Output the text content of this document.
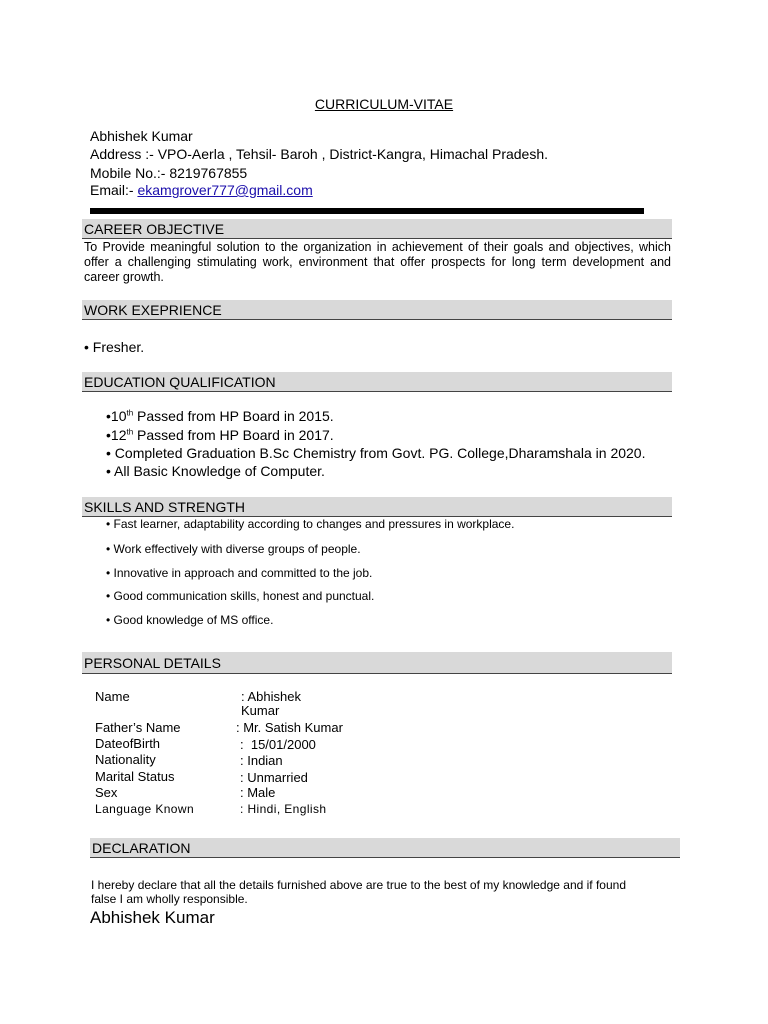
CURRICULUM-VITAE
Abhishek Kumar
Address :- VPO-Aerla , Tehsil- Baroh , District-Kangra, Himachal Pradesh.
Mobile No.:- 8219767855
Email:- ekamgrover777@gmail.com
CAREER OBJECTIVE
To Provide meaningful solution to the organization in achievement of their goals and objectives, which offer a challenging stimulating work, environment that offer prospects for long term development and career growth.
WORK EXEPRIENCE
• Fresher.
EDUCATION QUALIFICATION
•10th Passed from HP Board in 2015.
•12th Passed from HP Board in 2017.
• Completed Graduation B.Sc Chemistry from Govt. PG. College,Dharamshala in 2020.
• All Basic Knowledge of Computer.
SKILLS AND STRENGTH
• Fast learner, adaptability according to changes and pressures in workplace.
• Work effectively with diverse groups of people.
• Innovative in approach and committed to the job.
• Good communication skills, honest and punctual.
• Good knowledge of MS office.
PERSONAL DETAILS
Name	: Abhishek
Kumar
Father’s Name	: Mr. Satish Kumar
DateofBirth	:  15/01/2000
Nationality	: Indian
Marital Status	: Unmarried
Sex	: Male
Language Known	: Hindi, English
DECLARATION
I hereby declare that all the details furnished above are true to the best of my knowledge and if found false I am wholly responsible.
Abhishek Kumar
